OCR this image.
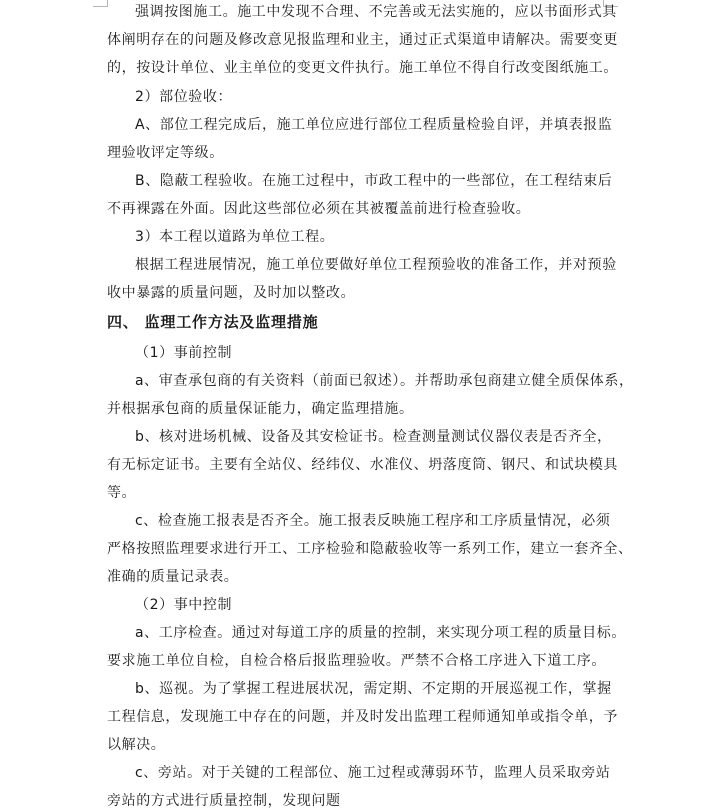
强调按图施工。施工中发现不合理、不完善或无法实施的，应以书面形式具
体阐明存在的问题及修改意见报监理和业主，通过正式渠道申请解决。需要变更
的，按设计单位、业主单位的变更文件执行。施工单位不得自行改变图纸施工。
2）部位验收：
A、部位工程完成后，施工单位应进行部位工程质量检验自评，并填表报监
理验收评定等级。
B、隐蔽工程验收。在施工过程中，市政工程中的一些部位，在工程结束后
不再裸露在外面。因此这些部位必须在其被覆盖前进行检查验收。
3）本工程以道路为单位工程。
根据工程进展情况，施工单位要做好单位工程预验收的准备工作，并对预验
收中暴露的质量问题，及时加以整改。
四、 监理工作方法及监理措施
（1）事前控制
a、审查承包商的有关资料（前面已叙述）。并帮助承包商建立健全质保体系，
并根据承包商的质量保证能力，确定监理措施。
b、核对进场机械、设备及其安检证书。检查测量测试仪器仪表是否齐全，
有无标定证书。主要有全站仪、经纬仪、水准仪、坍落度筒、钢尺、和试块模具
等。
c、检查施工报表是否齐全。施工报表反映施工程序和工序质量情况，必须
严格按照监理要求进行开工、工序检验和隐蔽验收等一系列工作，建立一套齐全、
准确的质量记录表。
（2）事中控制
a、工序检查。通过对每道工序的质量的控制，来实现分项工程的质量目标。
要求施工单位自检，自检合格后报监理验收。严禁不合格工序进入下道工序。
b、巡视。为了掌握工程进展状况，需定期、不定期的开展巡视工作，掌握
工程信息，发现施工中存在的问题，并及时发出监理工程师通知单或指令单，予
以解决。
c、旁站。对于关键的工程部位、施工过程或薄弱环节，监理人员采取旁站
旁站的方式进行质量控制，发现问题
